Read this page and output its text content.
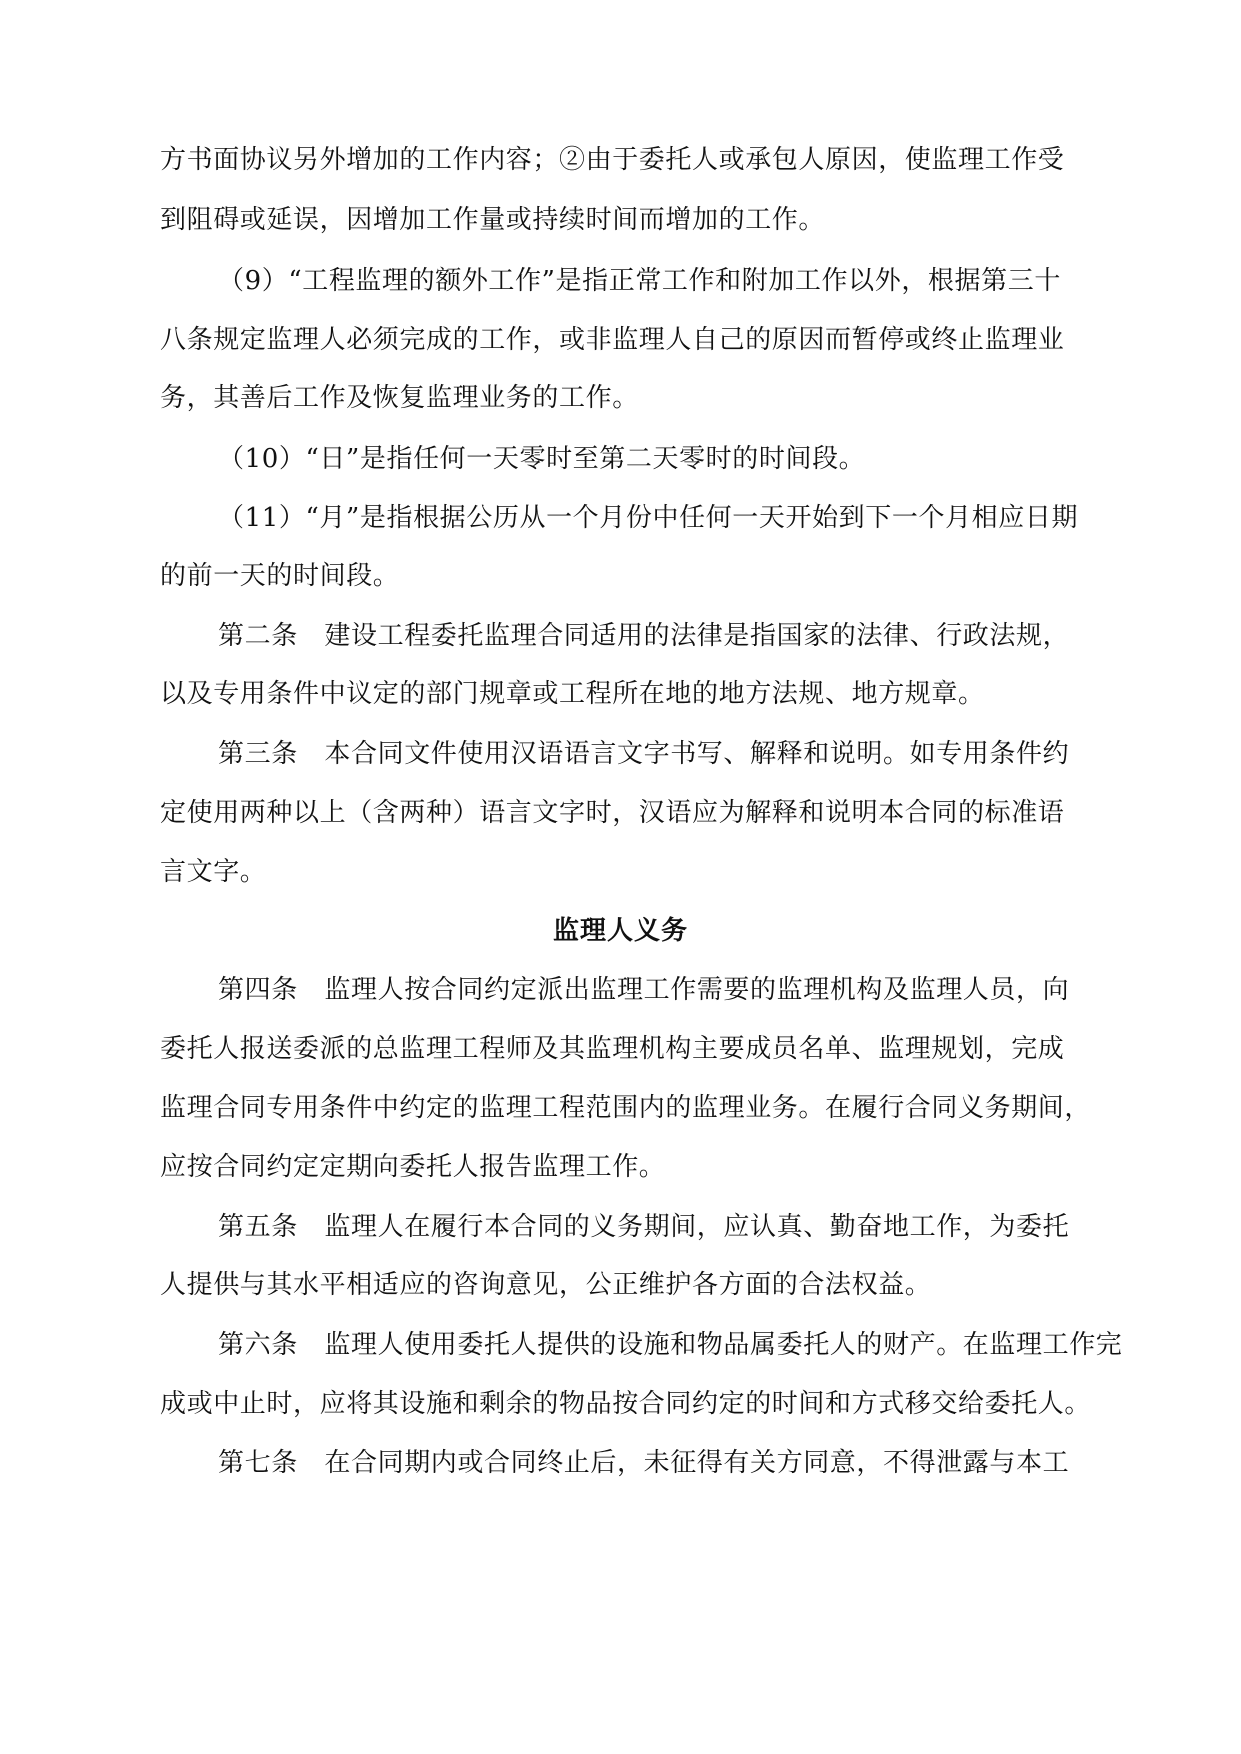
方书面协议另外增加的工作内容；②由于委托人或承包人原因，使监理工作受
到阻碍或延误，因增加工作量或持续时间而增加的工作。
（9）“工程监理的额外工作”是指正常工作和附加工作以外，根据第三十
八条规定监理人必须完成的工作，或非监理人自己的原因而暂停或终止监理业
务，其善后工作及恢复监理业务的工作。
（10）“日”是指任何一天零时至第二天零时的时间段。
（11）“月”是指根据公历从一个月份中任何一天开始到下一个月相应日期
的前一天的时间段。
第二条　建设工程委托监理合同适用的法律是指国家的法律、行政法规，
以及专用条件中议定的部门规章或工程所在地的地方法规、地方规章。
第三条　本合同文件使用汉语语言文字书写、解释和说明。如专用条件约
定使用两种以上（含两种）语言文字时，汉语应为解释和说明本合同的标准语
言文字。
监理人义务
第四条　监理人按合同约定派出监理工作需要的监理机构及监理人员，向
委托人报送委派的总监理工程师及其监理机构主要成员名单、监理规划，完成
监理合同专用条件中约定的监理工程范围内的监理业务。在履行合同义务期间，
应按合同约定定期向委托人报告监理工作。
第五条　监理人在履行本合同的义务期间，应认真、勤奋地工作，为委托
人提供与其水平相适应的咨询意见，公正维护各方面的合法权益。
第六条　监理人使用委托人提供的设施和物品属委托人的财产。在监理工作完
成或中止时，应将其设施和剩余的物品按合同约定的时间和方式移交给委托人。
第七条　在合同期内或合同终止后，未征得有关方同意，不得泄露与本工
